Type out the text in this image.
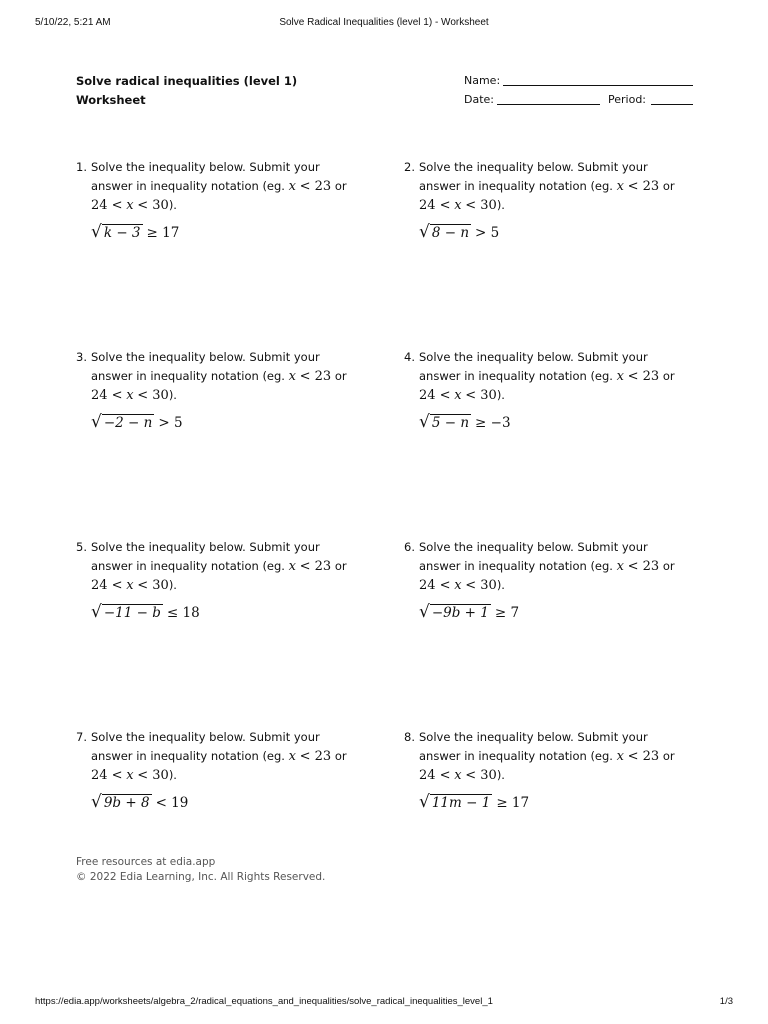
5/10/22, 5:21 AM	Solve Radical Inequalities (level 1) - Worksheet
Solve radical inequalities (level 1)
Worksheet
Name:
Date:	Period:
1. Solve the inequality below. Submit your
answer in inequality notation (eg. x < 23 or
24 < x < 30).
√ k − 3 ≥ 17
2. Solve the inequality below. Submit your
answer in inequality notation (eg. x < 23 or
24 < x < 30).
√ 8 − n > 5
3. Solve the inequality below. Submit your
answer in inequality notation (eg. x < 23 or
24 < x < 30).
√ −2 − n > 5
4. Solve the inequality below. Submit your
answer in inequality notation (eg. x < 23 or
24 < x < 30).
√ 5 − n ≥ −3
5. Solve the inequality below. Submit your
answer in inequality notation (eg. x < 23 or
24 < x < 30).
√ −11 − b ≤ 18
6. Solve the inequality below. Submit your
answer in inequality notation (eg. x < 23 or
24 < x < 30).
√ −9b + 1 ≥ 7
7. Solve the inequality below. Submit your
answer in inequality notation (eg. x < 23 or
24 < x < 30).
√ 9b + 8 < 19
8. Solve the inequality below. Submit your
answer in inequality notation (eg. x < 23 or
24 < x < 30).
√ 11m − 1 ≥ 17
Free resources at edia.app
© 2022 Edia Learning, Inc. All Rights Reserved.
https://edia.app/worksheets/algebra_2/radical_equations_and_inequalities/solve_radical_inequalities_level_1	1/3
